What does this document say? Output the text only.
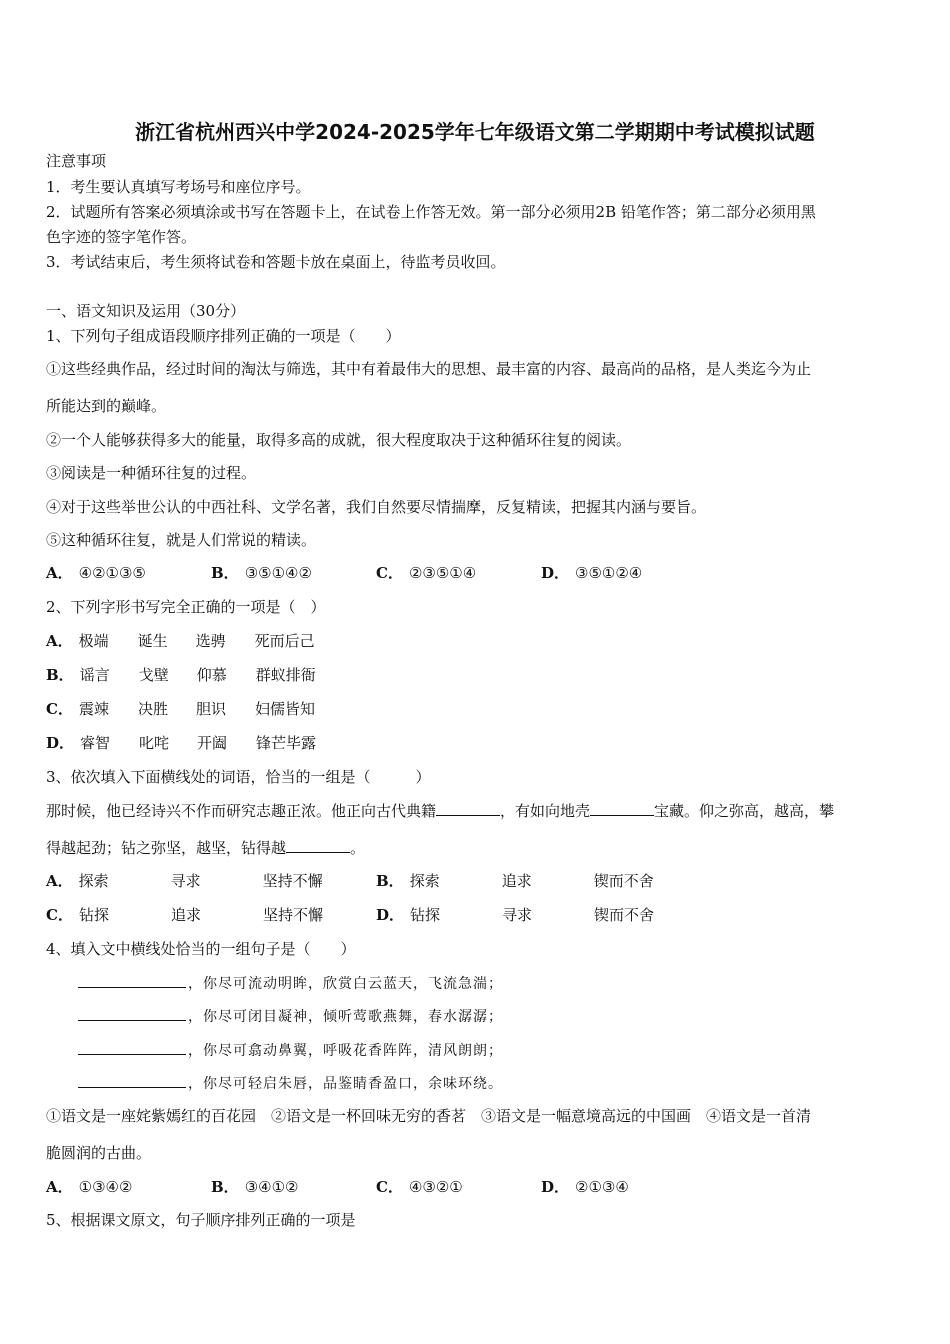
浙江省杭州西兴中学2024-2025学年七年级语文第二学期期中考试模拟试题
注意事项
1．考生要认真填写考场号和座位序号。
2．试题所有答案必须填涂或书写在答题卡上，在试卷上作答无效。第一部分必须用2B 铅笔作答；第二部分必须用黑
色字迹的签字笔作答。
3．考试结束后，考生须将试卷和答题卡放在桌面上，待监考员收回。
一、语文知识及运用（30分）
1、下列句子组成语段顺序排列正确的一项是（　　）
①这些经典作品，经过时间的淘汰与筛选，其中有着最伟大的思想、最丰富的内容、最高尚的品格，是人类迄今为止
所能达到的巅峰。
②一个人能够获得多大的能量，取得多高的成就，很大程度取决于这种循环往复的阅读。
③阅读是一种循环往复的过程。
④对于这些举世公认的中西社科、文学名著，我们自然要尽情揣摩，反复精读，把握其内涵与要旨。
⑤这种循环往复，就是人们常说的精读。
A． ④②①③⑤	B． ③⑤①④②	C． ②③⑤①④	D． ③⑤①②④
2、下列字形书写完全正确的一项是（　）
A． 极端 诞生 选骋 死而后己
B． 谣言 戈壁 仰慕 群蚁排衙
C． 震竦 决胜 胆识 妇儒皆知
D． 睿智 叱咤 开阖 锋芒毕露
3、依次填入下面横线处的词语，恰当的一组是（　　　）
那时候，他已经诗兴不作而研究志趣正浓。他正向古代典籍	，有如向地壳	宝藏。仰之弥高，越高，攀
得越起劲；钻之弥坚，越坚，钻得越	。
A． 探索	寻求	坚持不懈	B． 探索	追求	锲而不舍
C． 钻探	追求	坚持不懈	D． 钻探	寻求	锲而不舍
4、填入文中横线处恰当的一组句子是（　　）
，你尽可流动明眸，欣赏白云蓝天，飞流急湍；
，你尽可闭目凝神，倾听莺歌燕舞，春水潺潺；
，你尽可翕动鼻翼，呼吸花香阵阵，清风朗朗；
，你尽可轻启朱唇，品鉴睛香盈口，余味环绕。
①语文是一座姹紫嫣红的百花园　②语文是一杯回味无穷的香茗　③语文是一幅意境高远的中国画　④语文是一首清
脆圆润的古曲。
A． ①③④②	B． ③④①②	C． ④③②①	D． ②①③④
5、根据课文原文，句子顺序排列正确的一项是
